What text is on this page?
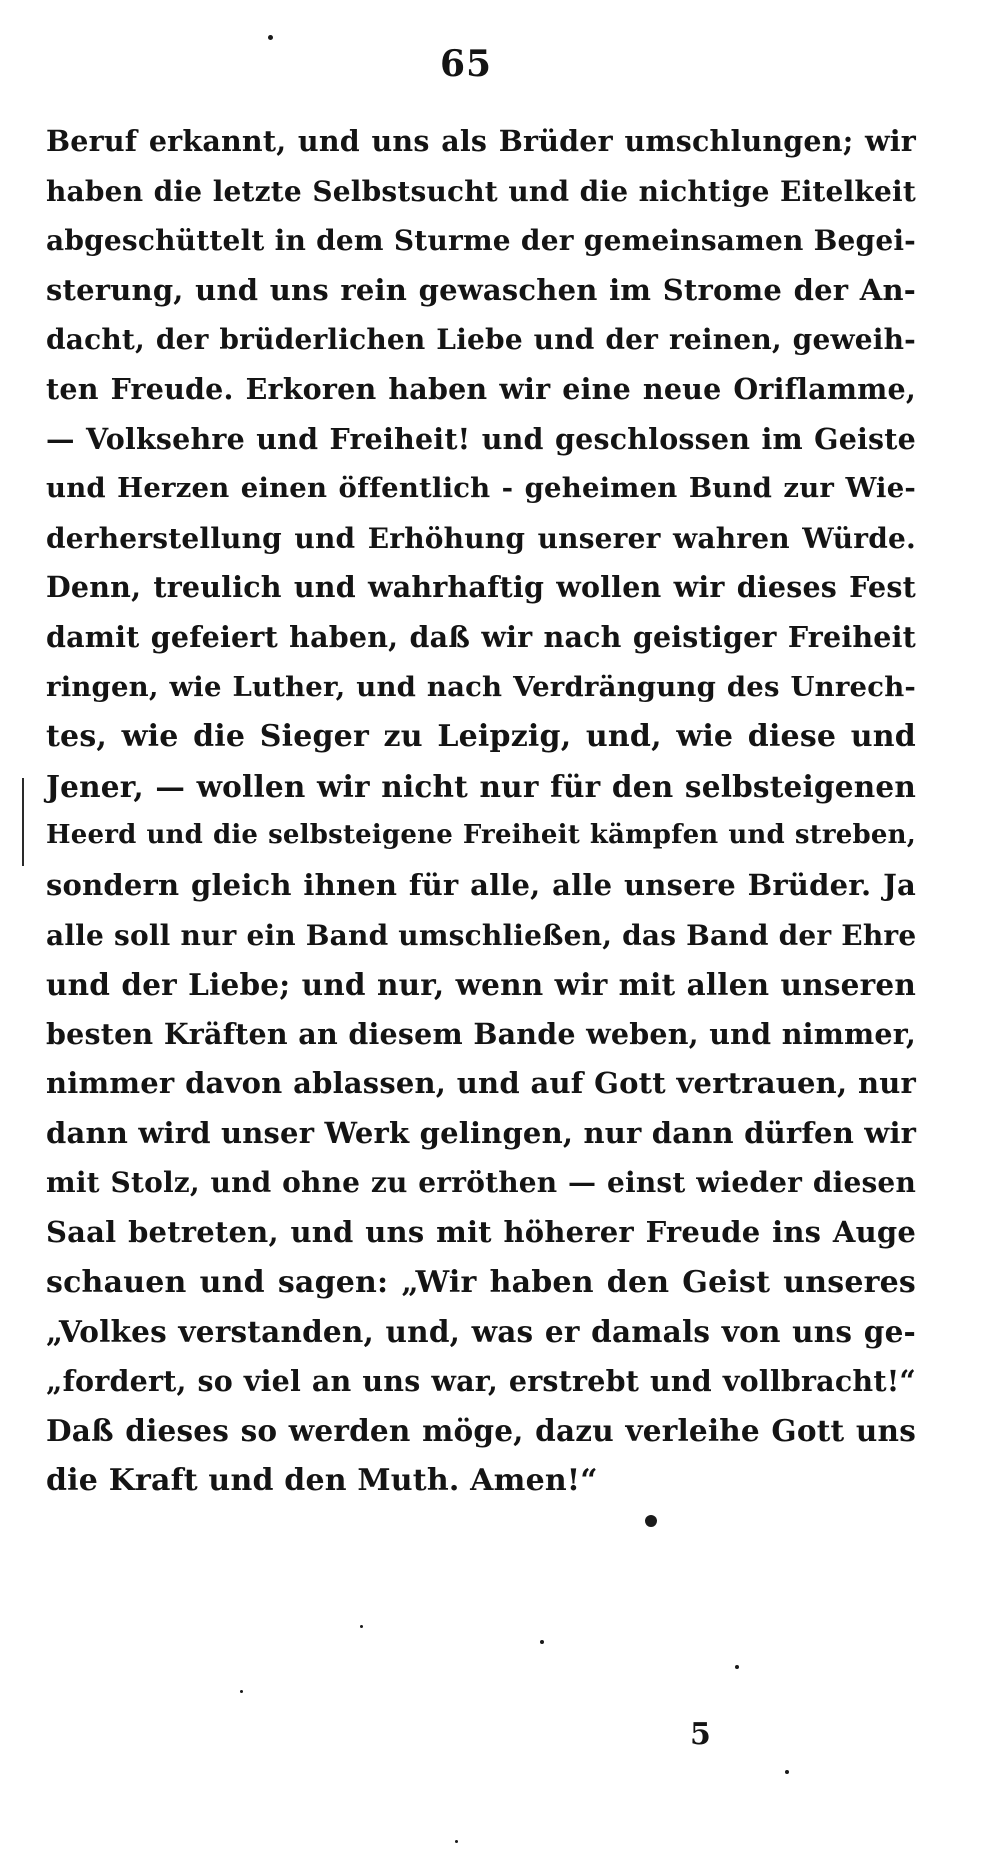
65
Beruf erkannt, und uns als Brüder umschlungen; wir
haben die letzte Selbstsucht und die nichtige Eitelkeit
abgeschüttelt in dem Sturme der gemeinsamen Begei-
sterung, und uns rein gewaschen im Strome der An-
dacht, der brüderlichen Liebe und der reinen, geweih-
ten Freude. Erkoren haben wir eine neue Oriflamme,
— Volksehre und Freiheit! und geschlossen im Geiste
und Herzen einen öffentlich - geheimen Bund zur Wie-
derherstellung und Erhöhung unserer wahren Würde.
Denn, treulich und wahrhaftig wollen wir dieses Fest
damit gefeiert haben, daß wir nach geistiger Freiheit
ringen, wie Luther, und nach Verdrängung des Unrech-
tes, wie die Sieger zu Leipzig, und, wie diese und
Jener, — wollen wir nicht nur für den selbsteigenen
Heerd und die selbsteigene Freiheit kämpfen und streben,
sondern gleich ihnen für alle, alle unsere Brüder. Ja
alle soll nur ein Band umschließen, das Band der Ehre
und der Liebe; und nur, wenn wir mit allen unseren
besten Kräften an diesem Bande weben, und nimmer,
nimmer davon ablassen, und auf Gott vertrauen, nur
dann wird unser Werk gelingen, nur dann dürfen wir
mit Stolz, und ohne zu erröthen — einst wieder diesen
Saal betreten, und uns mit höherer Freude ins Auge
schauen und sagen: „Wir haben den Geist unseres
„Volkes verstanden, und, was er damals von uns ge-
„fordert, so viel an uns war, erstrebt und vollbracht!“
Daß dieses so werden möge, dazu verleihe Gott uns
die Kraft und den Muth. Amen!“
5
